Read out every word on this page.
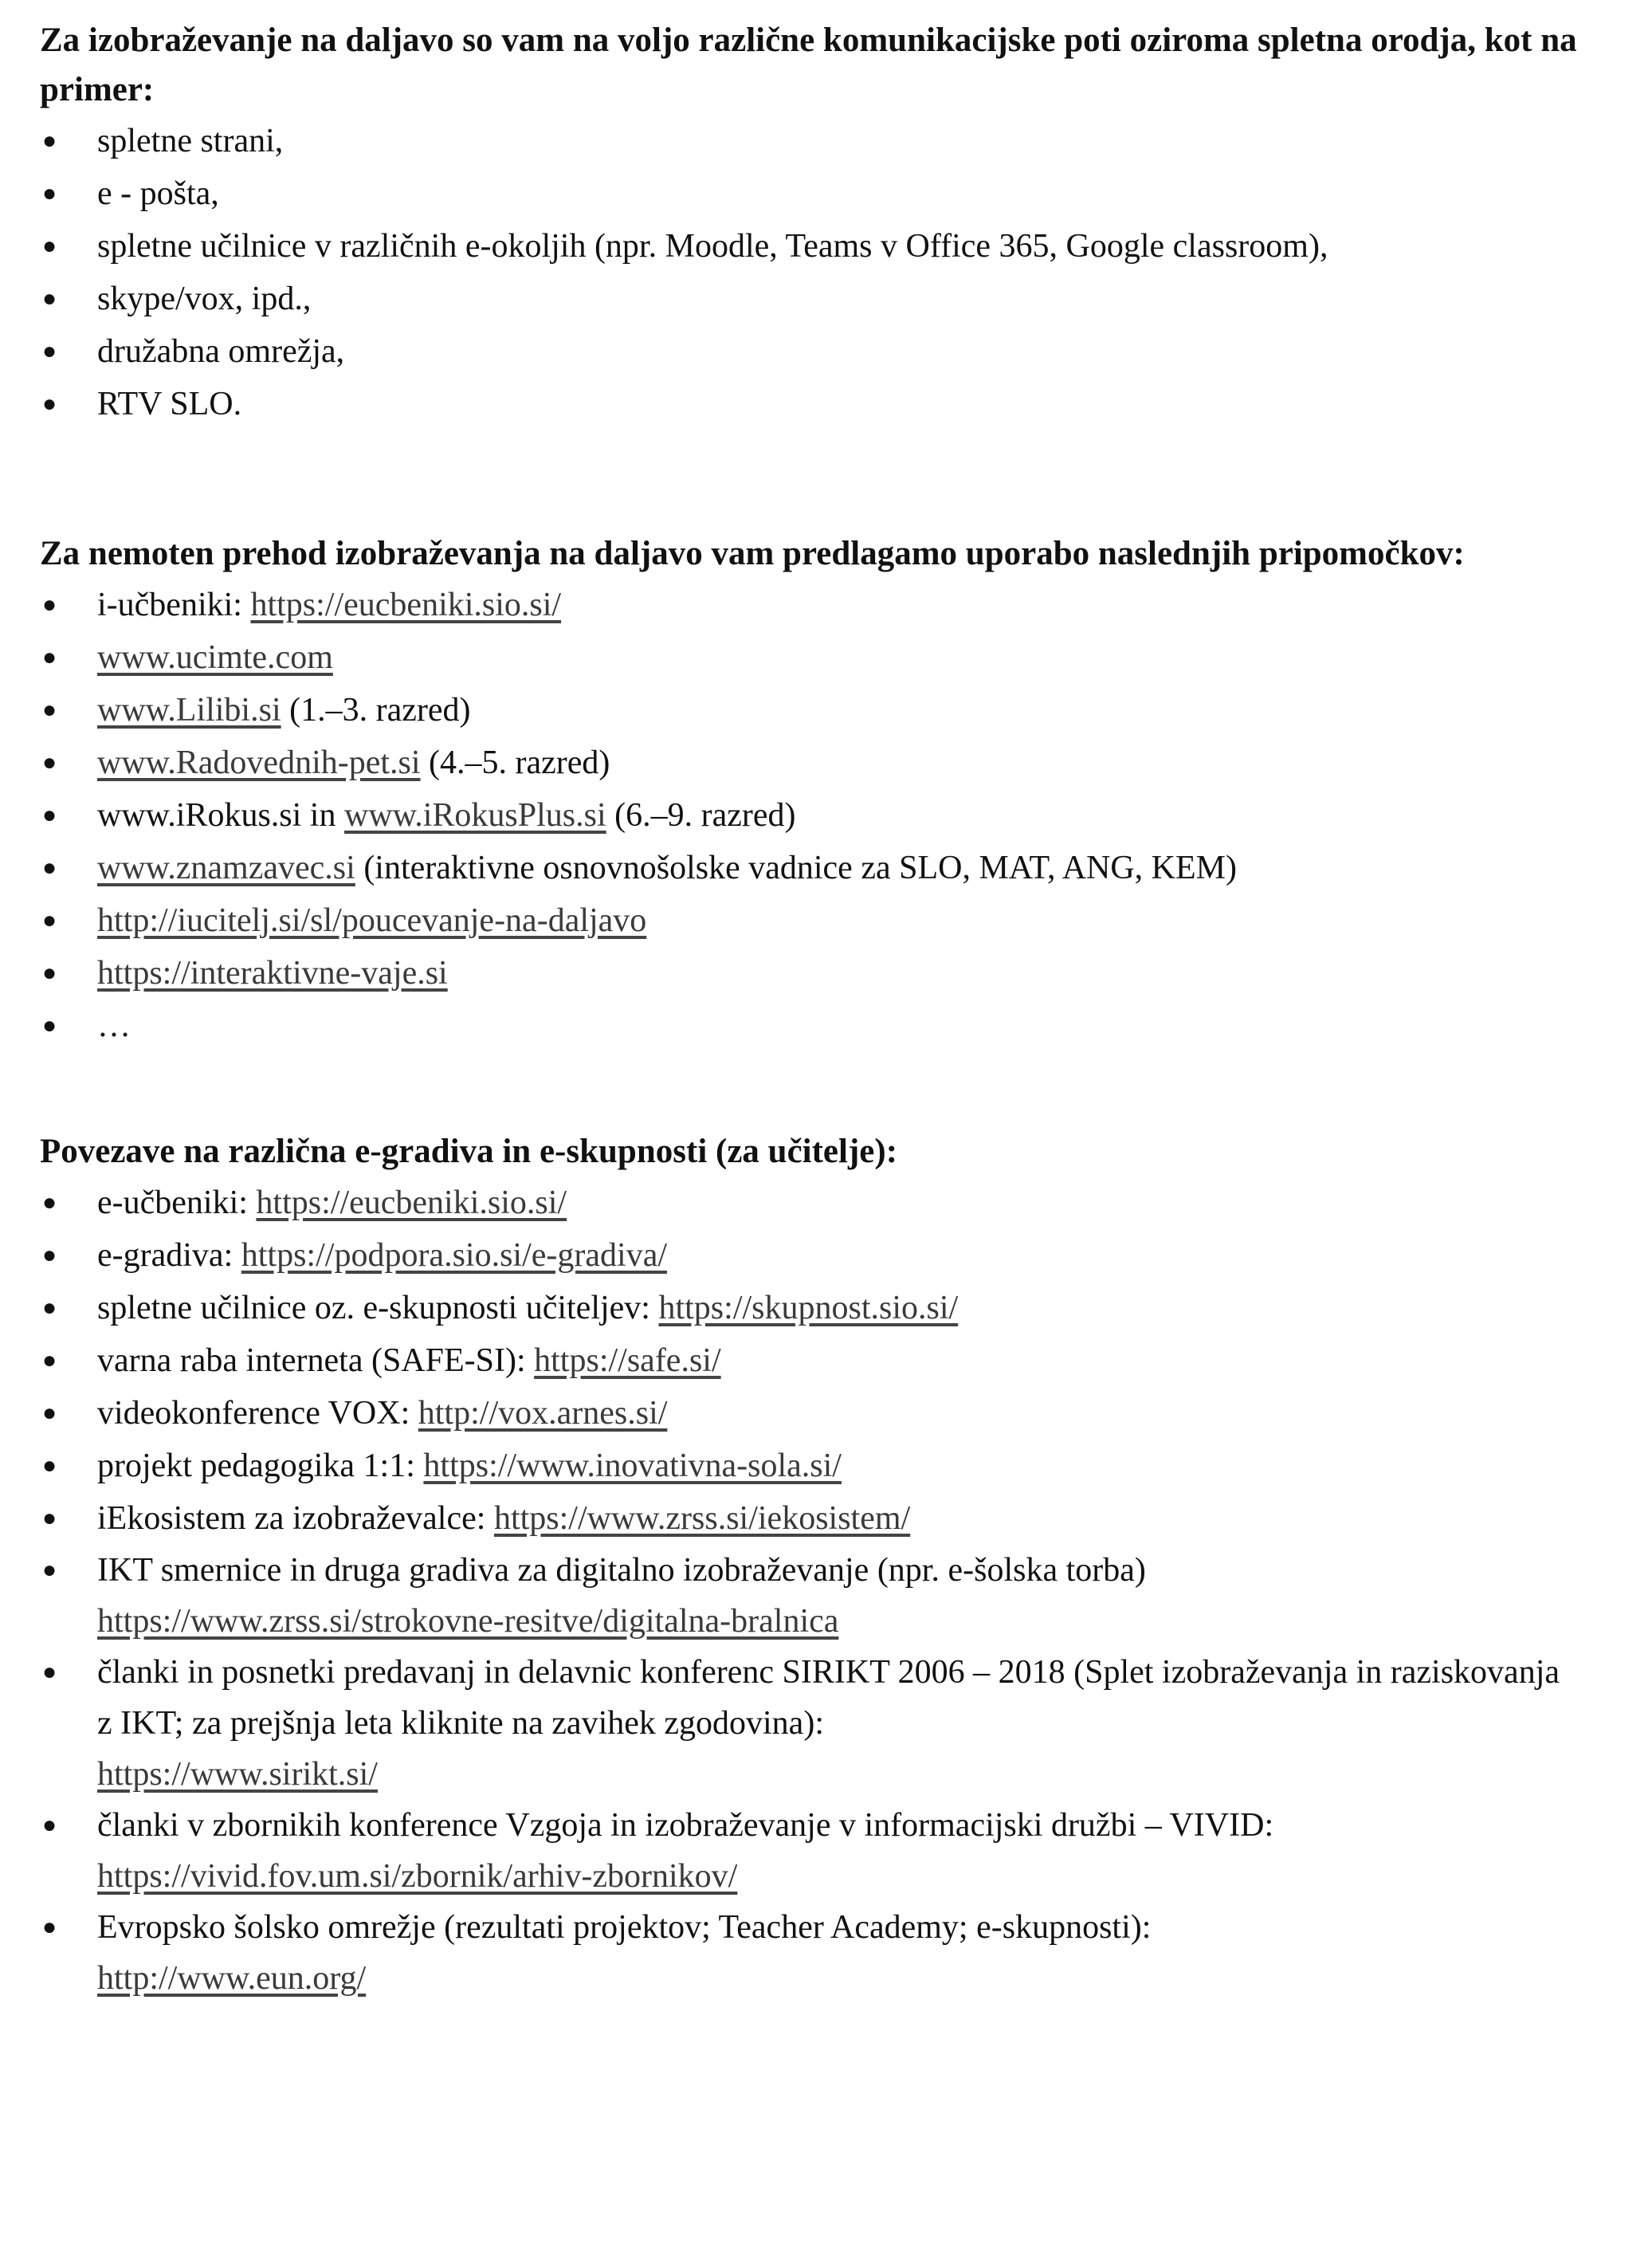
Za izobraževanje na daljavo so vam na voljo različne komunikacijske poti oziroma spletna orodja, kot na primer:

● spletne strani,
● e - pošta,
● spletne učilnice v različnih e-okoljih (npr. Moodle, Teams v Office 365, Google classroom),
● skype/vox, ipd.,
● družabna omrežja,
● RTV SLO.

Za nemoten prehod izobraževanja na daljavo vam predlagamo uporabo naslednjih pripomočkov:

● i-učbeniki: https://eucbeniki.sio.si/
● www.ucimte.com
● www.Lilibi.si (1.–3. razred)
● www.Radovednih-pet.si (4.–5. razred)
● www.iRokus.si in www.iRokusPlus.si (6.–9. razred)
● www.znamzavec.si (interaktivne osnovnošolske vadnice za SLO, MAT, ANG, KEM)
● http://iucitelj.si/sl/poucevanje-na-daljavo
● https://interaktivne-vaje.si
● …

Povezave na različna e-gradiva in e-skupnosti (za učitelje):

● e-učbeniki: https://eucbeniki.sio.si/
● e-gradiva: https://podpora.sio.si/e-gradiva/
● spletne učilnice oz. e-skupnosti učiteljev: https://skupnost.sio.si/
● varna raba interneta (SAFE-SI): https://safe.si/
● videokonference VOX: http://vox.arnes.si/
● projekt pedagogika 1:1: https://www.inovativna-sola.si/
● iEkosistem za izobraževalce: https://www.zrss.si/iekosistem/
● IKT smernice in druga gradiva za digitalno izobraževanje (npr. e-šolska torba)
https://www.zrss.si/strokovne-resitve/digitalna-bralnica
● članki in posnetki predavanj in delavnic konferenc SIRIKT 2006 – 2018 (Splet izobraževanja in raziskovanja z IKT; za prejšnja leta kliknite na zavihek zgodovina):
https://www.sirikt.si/
● članki v zbornikih konference Vzgoja in izobraževanje v informacijski družbi – VIVID:
https://vivid.fov.um.si/zbornik/arhiv-zbornikov/
● Evropsko šolsko omrežje (rezultati projektov; Teacher Academy; e-skupnosti):
http://www.eun.org/
